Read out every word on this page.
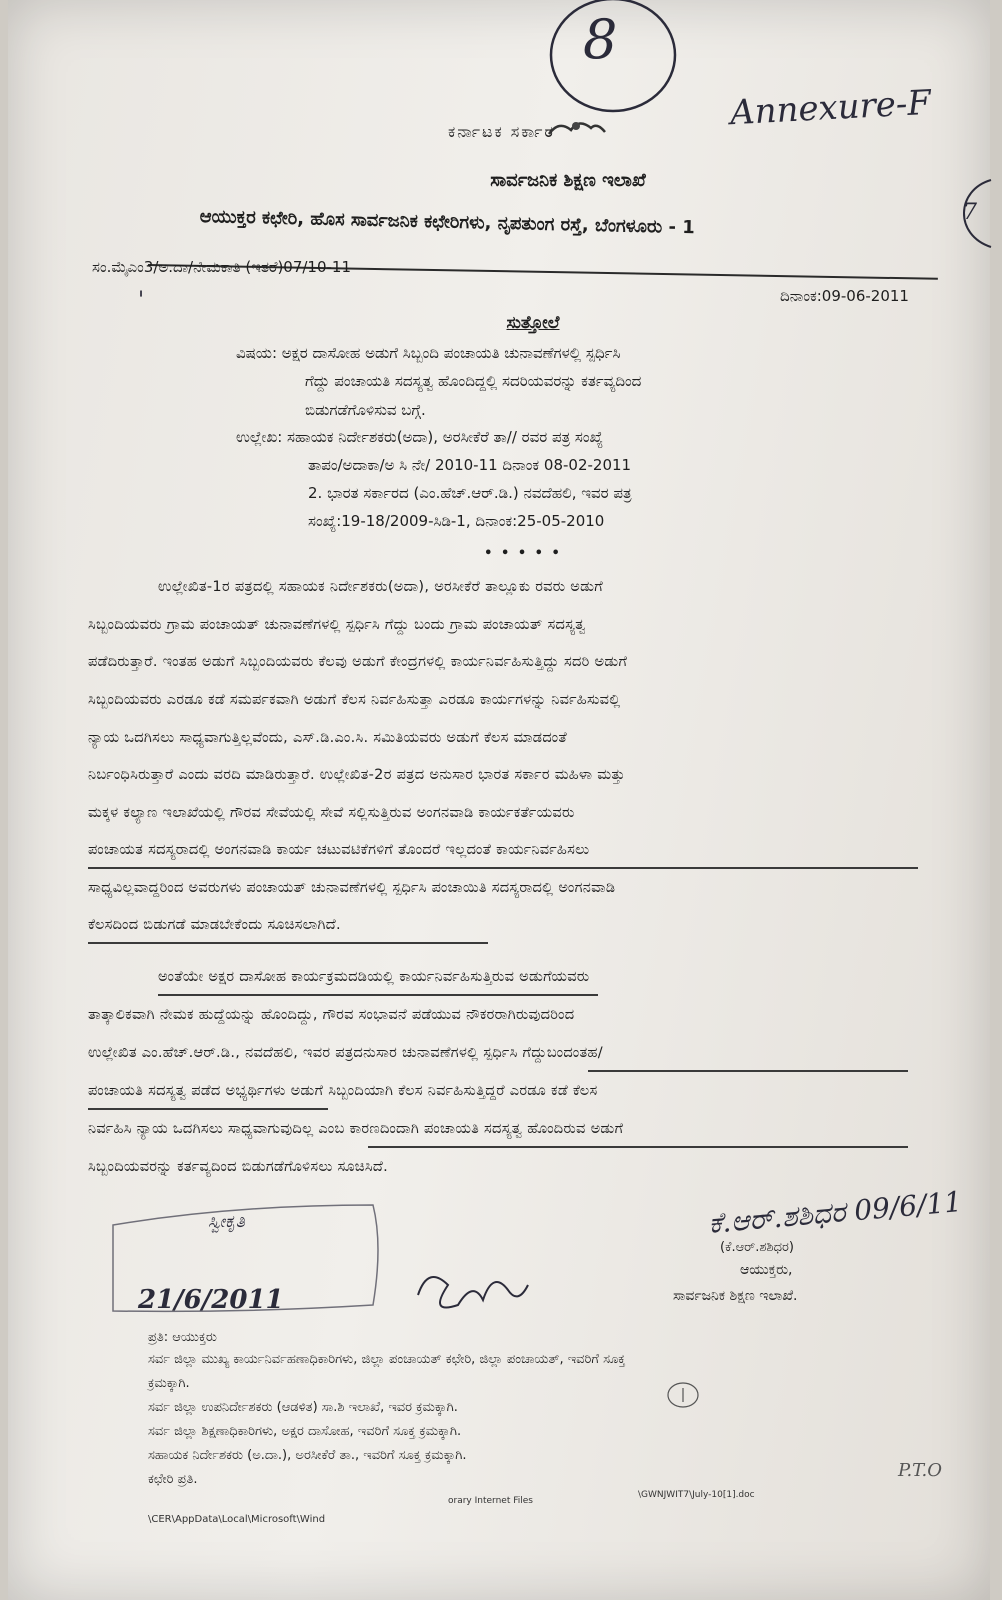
8
Annexure-F
7
ಕರ್ನಾಟಕ ಸರ್ಕಾರ
ಸಾರ್ವಜನಿಕ ಶಿಕ್ಷಣ ಇಲಾಖೆ
ಆಯುಕ್ತರ ಕಛೇರಿ, ಹೊಸ ಸಾರ್ವಜನಿಕ ಕಛೇರಿಗಳು, ನೃಪತುಂಗ ರಸ್ತೆ, ಬೆಂಗಳೂರು - 1
ಸಂ.ಮೈಎಂ3/ಅ.ದಾ/ನೇಮಕಾತಿ (ಇತರೆ)07/10-11
ದಿನಾಂಕ:09-06-2011
'
ಸುತ್ತೋಲೆ
ವಿಷಯ: ಅಕ್ಷರ ದಾಸೋಹ ಅಡುಗೆ ಸಿಬ್ಬಂದಿ ಪಂಚಾಯತಿ ಚುನಾವಣೆಗಳಲ್ಲಿ ಸ್ಪರ್ಧಿಸಿ
ಗೆದ್ದು ಪಂಚಾಯತಿ ಸದಸ್ಯತ್ವ ಹೊಂದಿದ್ದಲ್ಲಿ ಸದರಿಯವರನ್ನು ಕರ್ತವ್ಯದಿಂದ
ಬಿಡುಗಡೆಗೊಳಿಸುವ ಬಗ್ಗೆ.
ಉಲ್ಲೇಖ: ಸಹಾಯಕ ನಿರ್ದೇಶಕರು(ಅದಾ), ಅರಸೀಕೆರೆ ತಾ// ರವರ ಪತ್ರ ಸಂಖ್ಯೆ
ತಾಪಂ/ಅದಾಕಾ/ಅ ಸಿ ನೇ/ 2010-11 ದಿನಾಂಕ 08-02-2011
2. ಭಾರತ ಸರ್ಕಾರದ (ಎಂ.ಹೆಚ್.ಆರ್.ಡಿ.) ನವದೆಹಲಿ, ಇವರ ಪತ್ರ
ಸಂಖ್ಯೆ:19-18/2009-ಸಿಡಿ-1, ದಿನಾಂಕ:25-05-2010
• • • • •
ಉಲ್ಲೇಖಿತ-1ರ ಪತ್ರದಲ್ಲಿ ಸಹಾಯಕ ನಿರ್ದೇಶಕರು(ಅದಾ), ಅರಸೀಕೆರೆ ತಾಲ್ಲೂಕು ರವರು ಅಡುಗೆ
ಸಿಬ್ಬಂದಿಯವರು ಗ್ರಾಮ ಪಂಚಾಯತ್ ಚುನಾವಣೆಗಳಲ್ಲಿ ಸ್ಪರ್ಧಿಸಿ ಗೆದ್ದು ಬಂದು ಗ್ರಾಮ ಪಂಚಾಯತ್ ಸದಸ್ಯತ್ವ
ಪಡೆದಿರುತ್ತಾರೆ. ಇಂತಹ ಅಡುಗೆ ಸಿಬ್ಬಂದಿಯವರು ಕೆಲವು ಅಡುಗೆ ಕೇಂದ್ರಗಳಲ್ಲಿ ಕಾರ್ಯನಿರ್ವಹಿಸುತ್ತಿದ್ದು ಸದರಿ ಅಡುಗೆ
ಸಿಬ್ಬಂದಿಯವರು ಎರಡೂ ಕಡೆ ಸಮರ್ಪಕವಾಗಿ ಅಡುಗೆ ಕೆಲಸ ನಿರ್ವಹಿಸುತ್ತಾ ಎರಡೂ ಕಾರ್ಯಗಳನ್ನು ನಿರ್ವಹಿಸುವಲ್ಲಿ
ನ್ಯಾಯ ಒದಗಿಸಲು ಸಾಧ್ಯವಾಗುತ್ತಿಲ್ಲವೆಂದು, ಎಸ್.ಡಿ.ಎಂ.ಸಿ. ಸಮಿತಿಯವರು ಅಡುಗೆ ಕೆಲಸ ಮಾಡದಂತೆ
ನಿರ್ಬಂಧಿಸಿರುತ್ತಾರೆ ಎಂದು ವರದಿ ಮಾಡಿರುತ್ತಾರೆ. ಉಲ್ಲೇಖಿತ-2ರ ಪತ್ರದ ಅನುಸಾರ ಭಾರತ ಸರ್ಕಾರ ಮಹಿಳಾ ಮತ್ತು
ಮಕ್ಕಳ ಕಲ್ಯಾಣ ಇಲಾಖೆಯಲ್ಲಿ ಗೌರವ ಸೇವೆಯಲ್ಲಿ ಸೇವೆ ಸಲ್ಲಿಸುತ್ತಿರುವ ಅಂಗನವಾಡಿ ಕಾರ್ಯಕರ್ತೆಯವರು
ಪಂಚಾಯತ ಸದಸ್ಯರಾದಲ್ಲಿ ಅಂಗನವಾಡಿ ಕಾರ್ಯ ಚಟುವಟಿಕೆಗಳಿಗೆ ತೊಂದರೆ ಇಲ್ಲದಂತೆ ಕಾರ್ಯನಿರ್ವಹಿಸಲು
ಸಾಧ್ಯವಿಲ್ಲವಾದ್ದರಿಂದ ಅವರುಗಳು ಪಂಚಾಯತ್ ಚುನಾವಣೆಗಳಲ್ಲಿ ಸ್ಪರ್ಧಿಸಿ ಪಂಚಾಯಿತಿ ಸದಸ್ಯರಾದಲ್ಲಿ ಅಂಗನವಾಡಿ
ಕೆಲಸದಿಂದ ಬಿಡುಗಡೆ ಮಾಡಬೇಕೆಂದು ಸೂಚಿಸಲಾಗಿದೆ.
ಅಂತೆಯೇ ಅಕ್ಷರ ದಾಸೋಹ ಕಾರ್ಯಕ್ರಮದಡಿಯಲ್ಲಿ ಕಾರ್ಯನಿರ್ವಹಿಸುತ್ತಿರುವ ಅಡುಗೆಯವರು
ತಾತ್ಕಾಲಿಕವಾಗಿ ನೇಮಕ ಹುದ್ದೆಯನ್ನು ಹೊಂದಿದ್ದು, ಗೌರವ ಸಂಭಾವನೆ ಪಡೆಯುವ ನೌಕರರಾಗಿರುವುದರಿಂದ
ಉಲ್ಲೇಖಿತ ಎಂ.ಹೆಚ್.ಆರ್.ಡಿ., ನವದೆಹಲಿ, ಇವರ ಪತ್ರದನುಸಾರ ಚುನಾವಣೆಗಳಲ್ಲಿ ಸ್ಪರ್ಧಿಸಿ ಗೆದ್ದುಬಂದಂತಹ/
ಪಂಚಾಯತಿ ಸದಸ್ಯತ್ವ ಪಡೆದ ಅಭ್ಯರ್ಥಿಗಳು ಅಡುಗೆ ಸಿಬ್ಬಂದಿಯಾಗಿ ಕೆಲಸ ನಿರ್ವಹಿಸುತ್ತಿದ್ದರೆ ಎರಡೂ ಕಡೆ ಕೆಲಸ
ನಿರ್ವಹಿಸಿ ನ್ಯಾಯ ಒದಗಿಸಲು ಸಾಧ್ಯವಾಗುವುದಿಲ್ಲ ಎಂಬ ಕಾರಣದಿಂದಾಗಿ ಪಂಚಾಯತಿ ಸದಸ್ಯತ್ವ ಹೊಂದಿರುವ ಅಡುಗೆ
ಸಿಬ್ಬಂದಿಯವರನ್ನು ಕರ್ತವ್ಯದಿಂದ ಬಿಡುಗಡೆಗೊಳಿಸಲು ಸೂಚಿಸಿದೆ.
ಸ್ವೀಕೃತಿ
21/6/2011
ಕೆ.ಆರ್.ಶಶಿಧರ 09/6/11
(ಕೆ.ಆರ್.ಶಶಿಧರ)
ಆಯುಕ್ತರು,
ಸಾರ್ವಜನಿಕ ಶಿಕ್ಷಣ ಇಲಾಖೆ.
ಪ್ರತಿ: ಆಯುಕ್ತರು
ಸರ್ವ ಜಿಲ್ಲಾ ಮುಖ್ಯ ಕಾರ್ಯನಿರ್ವಹಣಾಧಿಕಾರಿಗಳು, ಜಿಲ್ಲಾ ಪಂಚಾಯತ್ ಕಛೇರಿ, ಜಿಲ್ಲಾ ಪಂಚಾಯತ್, ಇವರಿಗೆ ಸೂಕ್ತ
ಕ್ರಮಕ್ಕಾಗಿ.
ಸರ್ವ ಜಿಲ್ಲಾ ಉಪನಿರ್ದೇಶಕರು (ಆಡಳಿತ) ಸಾ.ಶಿ ಇಲಾಖೆ, ಇವರ ಕ್ರಮಕ್ಕಾಗಿ.
ಸರ್ವ ಜಿಲ್ಲಾ ಶಿಕ್ಷಣಾಧಿಕಾರಿಗಳು, ಅಕ್ಷರ ದಾಸೋಹ, ಇವರಿಗೆ ಸೂಕ್ತ ಕ್ರಮಕ್ಕಾಗಿ.
ಸಹಾಯಕ ನಿರ್ದೇಶಕರು (ಅ.ದಾ.), ಅರಸೀಕೆರೆ ತಾ., ಇವರಿಗೆ ಸೂಕ್ತ ಕ್ರಮಕ್ಕಾಗಿ.
ಕಛೇರಿ ಪ್ರತಿ.	P.T.O
\CER\AppData\Local\Microsoft\Wind
orary Internet Files
\GWNJWIT7\July-10[1].doc
